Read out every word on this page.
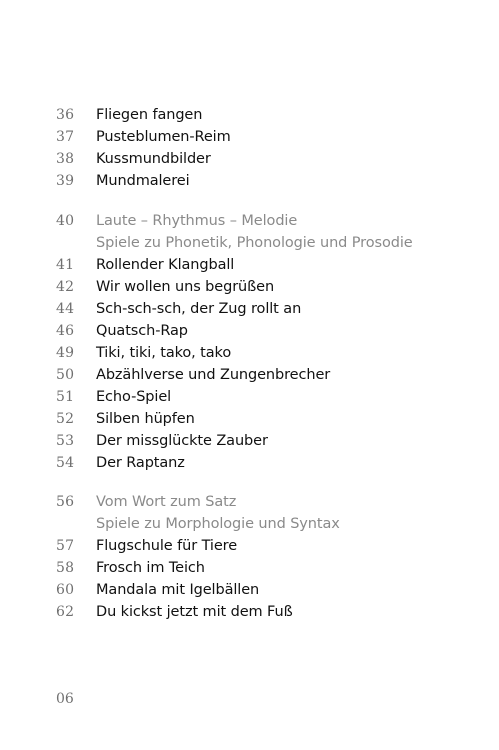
36	Fliegen fangen
37	Pusteblumen-Reim
38	Kussmundbilder
39	Mundmalerei
40	Laute – Rhythmus – Melodie
Spiele zu Phonetik, Phonologie und Prosodie
41	Rollender Klangball
42	Wir wollen uns begrüßen
44	Sch-sch-sch, der Zug rollt an
46	Quatsch-Rap
49	Tiki, tiki, tako, tako
50	Abzählverse und Zungenbrecher
51	Echo-Spiel
52	Silben hüpfen
53	Der missglückte Zauber
54	Der Raptanz
56	Vom Wort zum Satz
Spiele zu Morphologie und Syntax
57	Flugschule für Tiere
58	Frosch im Teich
60	Mandala mit Igelbällen
62	Du kickst jetzt mit dem Fuß
06
